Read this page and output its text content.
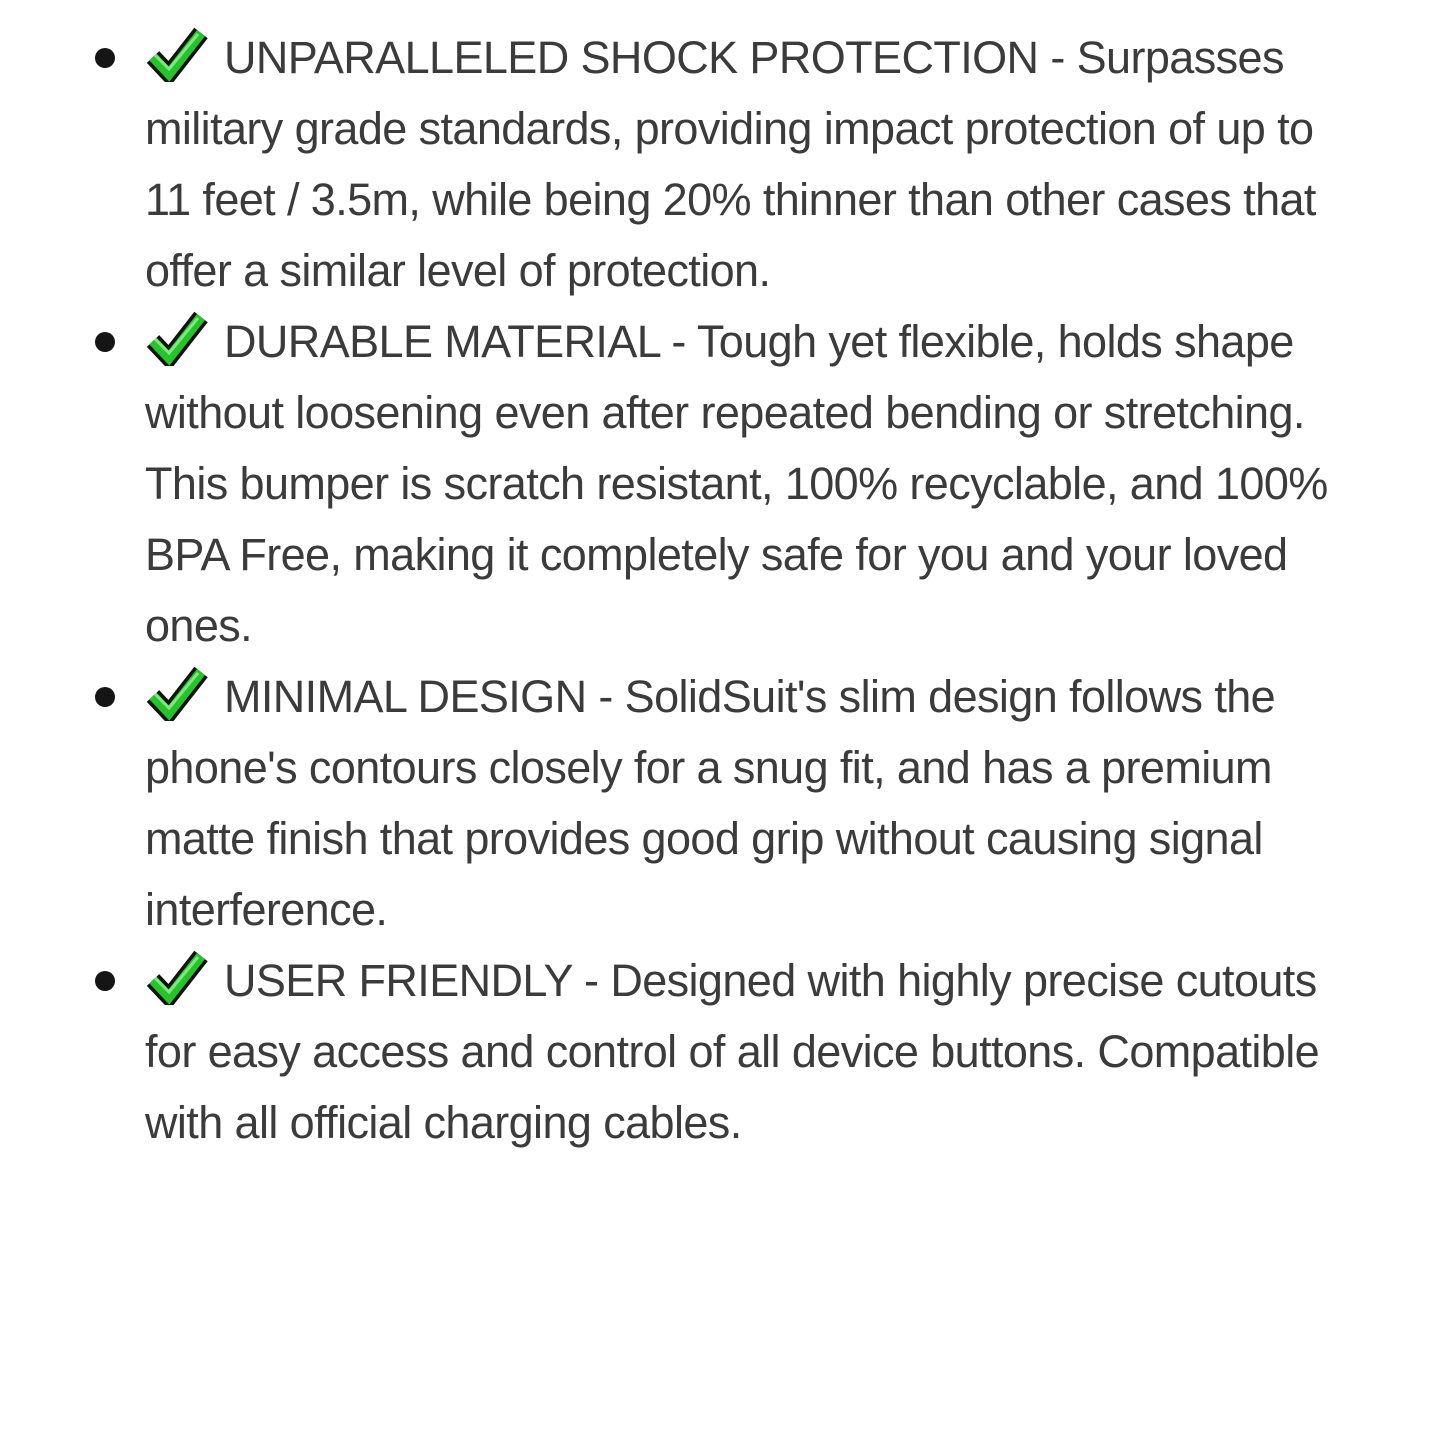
UNPARALLELED SHOCK PROTECTION - Surpasses military grade standards, providing impact protection of up to 11 feet / 3.5m, while being 20% thinner than other cases that offer a similar level of protection.
DURABLE MATERIAL - Tough yet flexible, holds shape without loosening even after repeated bending or stretching. This bumper is scratch resistant, 100% recyclable, and 100% BPA Free, making it completely safe for you and your loved ones.
MINIMAL DESIGN - SolidSuit's slim design follows the phone's contours closely for a snug fit, and has a premium matte finish that provides good grip without causing signal interference.
USER FRIENDLY - Designed with highly precise cutouts for easy access and control of all device buttons. Compatible with all official charging cables.
